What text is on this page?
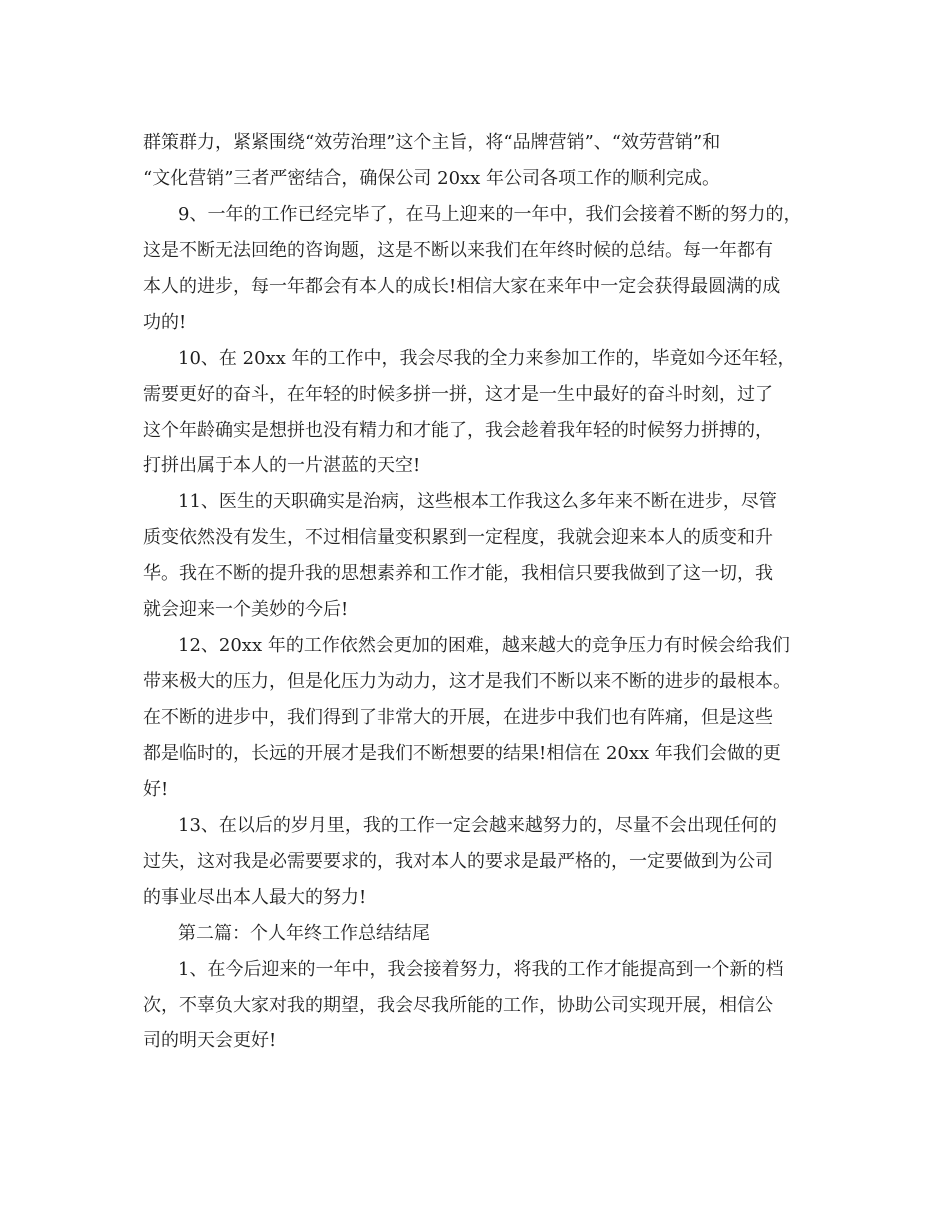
群策群力，紧紧围绕“效劳治理”这个主旨，将“品牌营销”、“效劳营销”和
“文化营销”三者严密结合，确保公司 20xx 年公司各项工作的顺利完成。
9、一年的工作已经完毕了，在马上迎来的一年中，我们会接着不断的努力的，
这是不断无法回绝的咨询题，这是不断以来我们在年终时候的总结。每一年都有
本人的进步，每一年都会有本人的成长!相信大家在来年中一定会获得最圆满的成
功的!
10、在 20xx 年的工作中，我会尽我的全力来参加工作的，毕竟如今还年轻，
需要更好的奋斗，在年轻的时候多拼一拼，这才是一生中最好的奋斗时刻，过了
这个年龄确实是想拼也没有精力和才能了，我会趁着我年轻的时候努力拼搏的，
打拼出属于本人的一片湛蓝的天空!
11、医生的天职确实是治病，这些根本工作我这么多年来不断在进步，尽管
质变依然没有发生，不过相信量变积累到一定程度，我就会迎来本人的质变和升
华。我在不断的提升我的思想素养和工作才能，我相信只要我做到了这一切，我
就会迎来一个美妙的今后!
12、20xx 年的工作依然会更加的困难，越来越大的竞争压力有时候会给我们
带来极大的压力，但是化压力为动力，这才是我们不断以来不断的进步的最根本。
在不断的进步中，我们得到了非常大的开展，在进步中我们也有阵痛，但是这些
都是临时的，长远的开展才是我们不断想要的结果!相信在 20xx 年我们会做的更
好!
13、在以后的岁月里，我的工作一定会越来越努力的，尽量不会出现任何的
过失，这对我是必需要要求的，我对本人的要求是最严格的，一定要做到为公司
的事业尽出本人最大的努力!
第二篇：个人年终工作总结结尾
1、在今后迎来的一年中，我会接着努力，将我的工作才能提高到一个新的档
次，不辜负大家对我的期望，我会尽我所能的工作，协助公司实现开展，相信公
司的明天会更好!
